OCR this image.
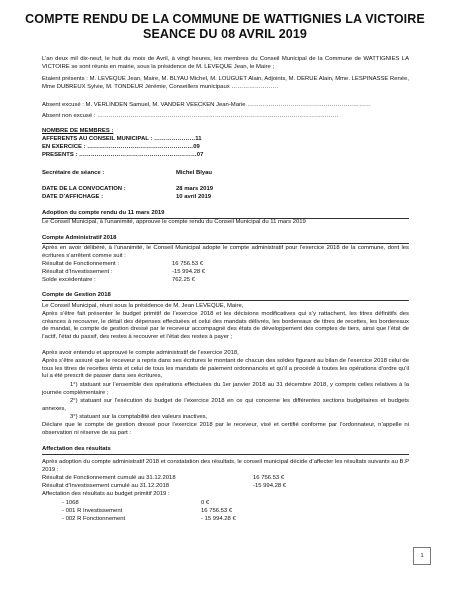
COMPTE RENDU DE LA COMMUNE DE WATTIGNIES LA VICTOIRE
SEANCE DU 08 AVRIL 2019
L’an deux mil dix-neuf, le huit du mois de Avril, à vingt heures, les membres du Conseil Municipal de la Commune de WATTIGNIES LA VICTOIRE se sont réunis en mairie, sous la présidence de M. LEVEQUE Jean, le Maire ;
Etaient présents : M. LEVEQUE Jean, Maire, M. BLYAU Michel, M. LOUGUET Alain, Adjoints, M. DERUE Alain, Mme. LESPINASSE Renée, Mme DUBREUX Sylvie, M. TONDEUR Jérémie, Conseillers municipaux ……………………
Absent excusé : M. VERLINDEN Samuel, M. VANDER VEECKEN Jean-Marie ………………………………………………………
Absent non excusé : ……………………………………………………………………………………………………………
NOMBRE DE MEMBRES :
AFFERENTS AU CONSEIL MUNICIPAL : …………………11
EN EXERCICE : ………………………………………………09
PRESENTS : ……………………………………………………07
Secrétaire de séance :	Michel Blyau
DATE DE LA CONVOCATION :	28 mars 2019
DATE D’AFFICHAGE :	10 avril 2019
Adoption du compte rendu du 11 mars 2019
Le Conseil Municipal, à l’unanimité, approuve le compte rendu du Conseil Municipal du 11 mars 2019
Compte Administratif 2018
Après en avoir délibéré, à l’unanimité, le Conseil Municipal adopte le compte administratif pour l’exercice 2018 de la commune, dont les écritures s’arrêtent comme suit :
Résultat de Fonctionnement :	16 756.53 €
Résultat d’Investissement :	-15 994.28 €
Solde excédentaire :	762.25 €
Compte de Gestion 2018
Le Conseil Municipal, réuni sous la présidence de M. Jean LEVEQUE, Maire,
Après s’être fait présenter le budget primitif de l’exercice 2018 et les décisions modificatives qui s’y rattachent, les titres définitifs des créances à recouvrer, le détail des dépenses effectuées et celui des mandats délivrés, les bordereaux de titres de recettes, les bordereaux de mandat, le compte de gestion dressé par le receveur accompagné des états de développement des comptes de tiers, ainsi que l’état de l’actif, l’état du passif, des restes à recouvrer et l’état des restes à payer ;
Après avoir entendu et approuvé le compte administratif de l’exercice 2018,
Après s’être assuré que le receveur a repris dans ses écritures le montant de chacun des soldes figurant au bilan de l’exercice 2018 celui de tous les titres de recettes émis et celui de tous les mandats de paiement ordonnancés et qu’il a procédé à toutes les opérations d’ordre qu’il lui a été prescrit de passer dans ses écritures,
1°) statuant sur l’ensemble des opérations effectuées du 1er janvier 2018 au 31 décembre 2018, y compris celles relatives à la journée complémentaire ;
2°) statuant sur l’exécution du budget de l’exercice 2018 en ce qui concerne les différentes sections budgétaires et budgets annexes,
3°) statuant sur la comptabilité des valeurs inactives,
Déclare que le compte de gestion dressé pour l’exercice 2018 par le receveur, visé et certifié conforme par l’ordonnateur, n’appelle ni observation ni réserve de sa part :
Affectation des résultats
Après adoption du compte administratif 2018 et constatation des résultats, le conseil municipal décide d’affecter les résultats suivants au B.P 2019 :
Résultat de Fonctionnement cumulé au 31.12.2018	16 756.53 €
Résultat d’Investissement cumulé au 31.12.2018	-15 994.28 €
Affectation des résultats au budget primitif 2019 :
- 1068	0 €
- 001 R Investissement	16 756.53 €
- 002 R Fonctionnement	- 15 994.28 €
1
